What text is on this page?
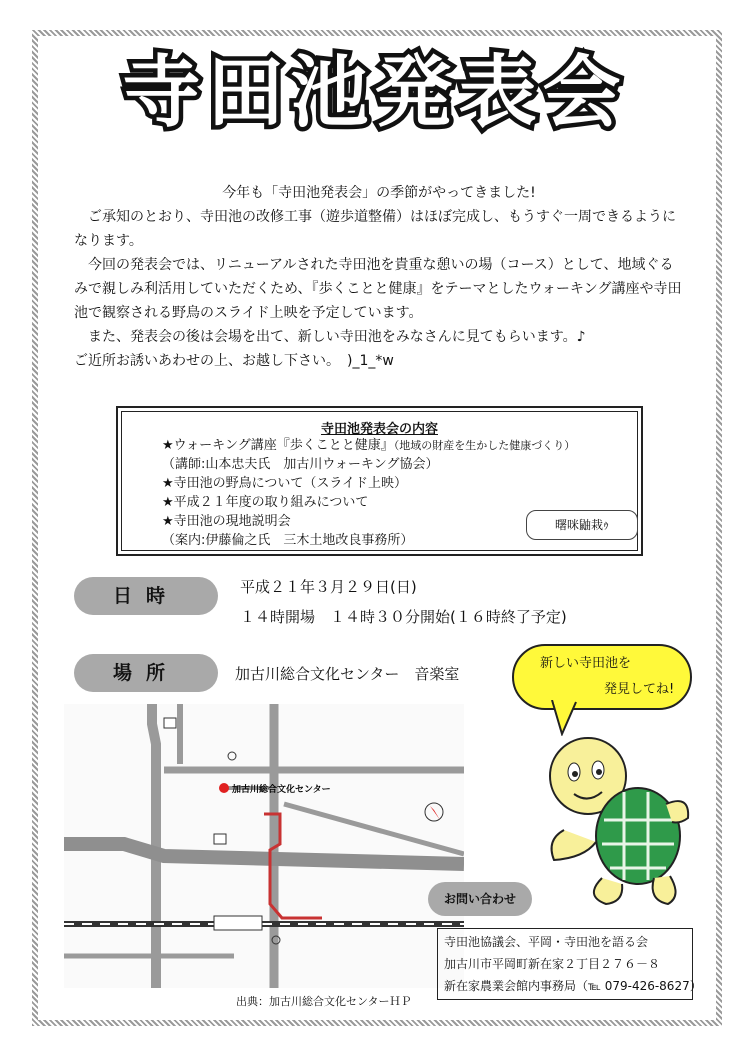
寺田池発表会

今年も「寺田池発表会」の季節がやってきました!

ご承知のとおり、寺田池の改修工事（遊歩道整備）はほぼ完成し、もうすぐ一周できるようになります。

今回の発表会では、リニューアルされた寺田池を貴重な憩いの場（コース）として、地域ぐるみで親しみ利活用していただくため、『歩くことと健康』をテーマとしたウォーキング講座や寺田池で観察される野鳥のスライド上映を予定しています。

また、発表会の後は会場を出て、新しい寺田池をみなさんに見てもらいます。♪

ご近所お誘いあわせの上、お越し下さい。　)_1_*w

寺田池発表会の内容
★ウォーキング講座『歩くことと健康』（地域の財産を生かした健康づくり）
（講師:山本忠夫氏　加古川ウォーキング協会）
★寺田池の野鳥について（スライド上映）
★平成２１年度の取り組みについて
★寺田池の現地説明会
（案内:伊藤倫之氏　三木土地改良事務所）
曙咪鼬栽ｩ
日時	平成２１年３月２９日(日)
１４時開場　１４時３０分開始(１６時終了予定)
場所	加古川総合文化センター　音楽室
新しい寺田池を
発見してね!
加古川総合文化センター
出典：加古川総合文化センターＨＰ
お問い合わせ
寺田池協議会、平岡・寺田池を語る会
加古川市平岡町新在家２丁目２７６－８
新在家農業会館内事務局（℡ 079-426-8627）
